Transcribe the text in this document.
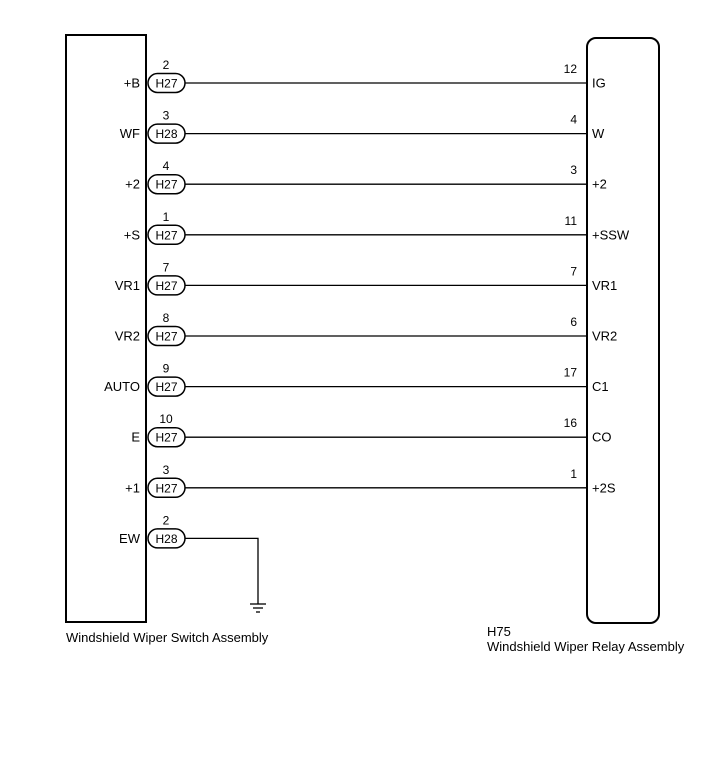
+B
2
H27
12
IG
WF
3
H28
4
W
+2
4
H27
3
+2
+S
1
H27
11
+SSW
VR1
7
H27
7
VR1
VR2
8
H27
6
VR2
AUTO
9
H27
17
C1
E
10
H27
16
CO
+1
3
H27
1
+2S
EW
2
H28
Windshield Wiper Switch Assembly	H75
Windshield Wiper Relay Assembly
